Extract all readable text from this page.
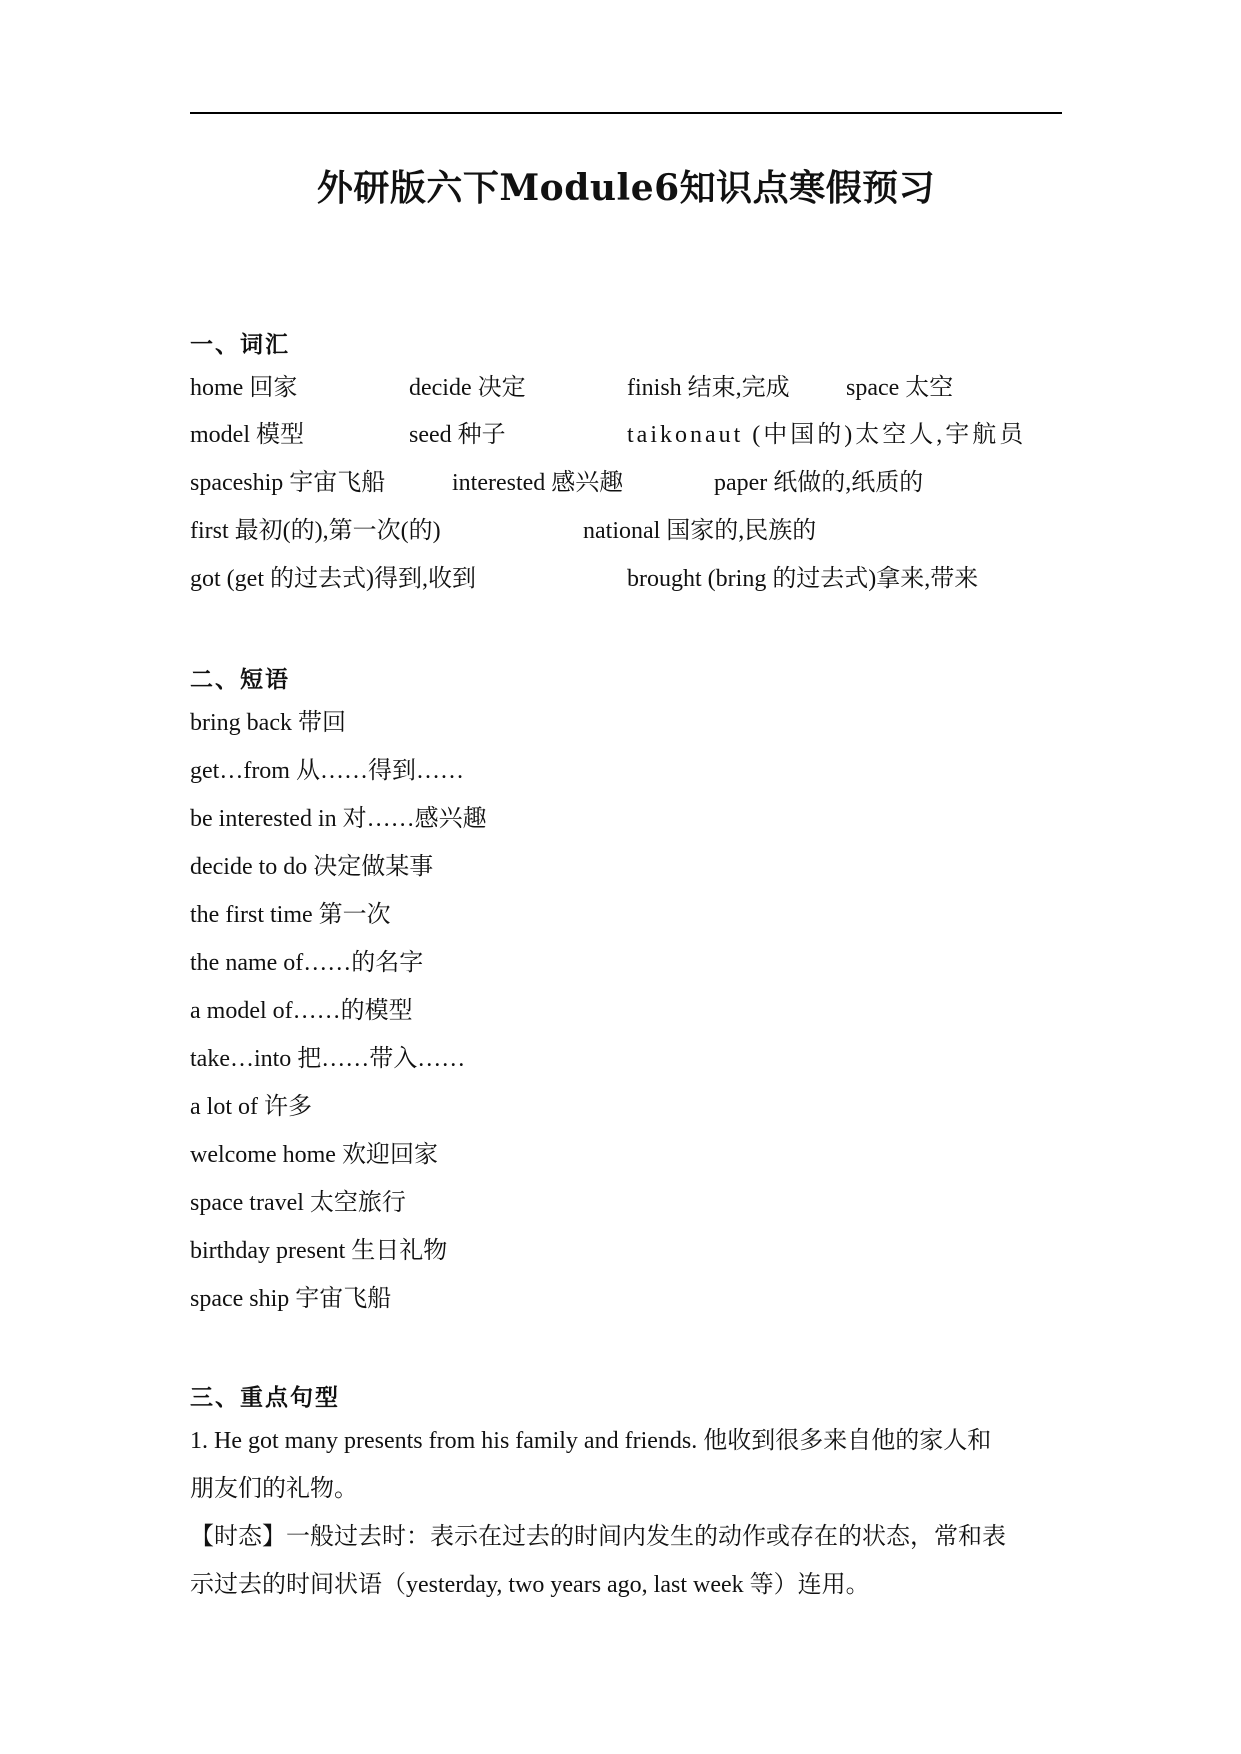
外研版六下Module6知识点寒假预习
一、词汇
home 回家	decide 决定	finish 结束,完成 space 太空
model 模型	seed 种子	taikonaut (中国的)太空人,宇航员
spaceship 宇宙飞船	interested 感兴趣	paper 纸做的,纸质的
first 最初(的),第一次(的)	national 国家的,民族的
got (get 的过去式)得到,收到	brought (bring 的过去式)拿来,带来
二、短语
bring back 带回
get…from 从……得到……
be interested in 对……感兴趣
decide to do 决定做某事
the first time 第一次
the name of……的名字
a model of……的模型
take…into 把……带入……
a lot of 许多
welcome home 欢迎回家
space travel 太空旅行
birthday present 生日礼物
space ship 宇宙飞船
三、重点句型
1. He got many presents from his family and friends. 他收到很多来自他的家人和
朋友们的礼物。
【时态】一般过去时：表示在过去的时间内发生的动作或存在的状态，常和表
示过去的时间状语（yesterday, two years ago, last week 等）连用。
